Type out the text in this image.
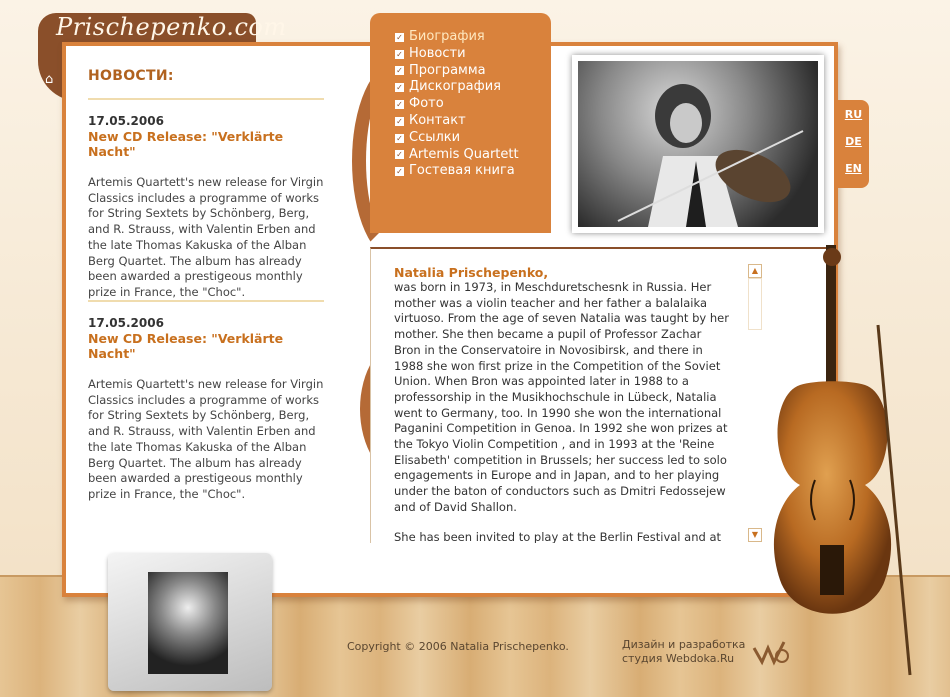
Prischepenko.com
⌂	НОВОСТИ:
17.05.2006
New CD Release: "Verklärte Nacht"
Artemis Quartett's new release for Virgin Classics includes a programme of works for String Sextets by Schönberg, Berg, and R. Strauss, with Valentin Erben and the late Thomas Kakuska of the Alban Berg Quartet. The album has already been awarded a prestigeous monthly prize in France, the "Choc".
17.05.2006
New CD Release: "Verklärte Nacht"
Artemis Quartett's new release for Virgin Classics includes a programme of works for String Sextets by Schönberg, Berg, and R. Strauss, with Valentin Erben and the late Thomas Kakuska of the Alban Berg Quartet. The album has already been awarded a prestigeous monthly prize in France, the "Choc".
✓ Биография
✓ Новости
✓ Программа
✓ Дискография
✓ Фото
✓ Контакт
✓ Ссылки
✓ Artemis Quartett
✓ Гостевая книга
RU
DE
EN
Natalia Prischepenko,
was born in 1973, in Meschduretschesnk in Russia. Her mother was a violin teacher and her father a balalaika virtuoso. From the age of seven Natalia was taught by her mother. She then became a pupil of Professor Zachar Bron in the Conservatoire in Novosibirsk, and there in 1988 she won first prize in the Competition of the Soviet Union. When Bron was appointed later in 1988 to a professorship in the Musikhochschule in Lübeck, Natalia went to Germany, too. In 1990 she won the international Paganini Competition in Genoa. In 1992 she won prizes at the Tokyo Violin Competition , and in 1993 at the 'Reine Elisabeth' competition in Brussels; her success led to solo engagements in Europe and in Japan, and to her playing under the baton of conductors such as Dmitri Fedossejew and of David Shallon.
She has been invited to play at the Berlin Festival and at
▲
▼
Copyright © 2006 Natalia Prischepenko.	Дизайн и разработка
студия Webdoka.Ru
